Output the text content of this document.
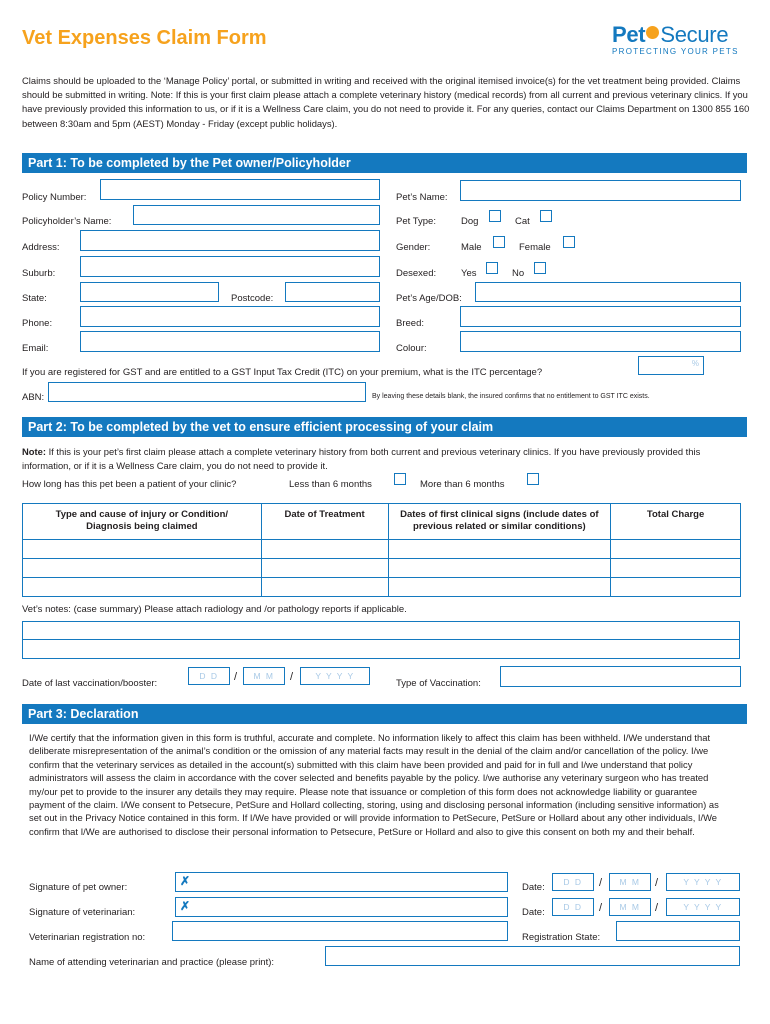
Vet Expenses Claim Form	Pet Secure
PROTECTING YOUR PETS
Claims should be uploaded to the ‘Manage Policy’ portal, or submitted in writing and received with the original itemised invoice(s) for the vet treatment being provided. Claims should be submitted in writing. Note: If this is your first claim please attach a complete veterinary history (medical records) from all current and previous veterinary clinics. If you have previously provided this information to us, or if it is a Wellness Care claim, you do not need to provide it. For any queries, contact our Claims Department on 1300 855 160 between 8:30am and 5pm (AEST) Monday - Friday (except public holidays).
Part 1: To be completed by the Pet owner/Policyholder
Policy Number:
Policyholder’s Name:
Address:
Suburb:
State:	Postcode:
Phone:
Email:
Pet’s Name:
Pet Type:	Dog	Cat
Gender:	Male	Female
Desexed:	Yes	No
Pet’s Age/DOB:
Breed:
Colour:
If you are registered for GST and are entitled to a GST Input Tax Credit (ITC) on your premium, what is the ITC percentage?
%
ABN:	By leaving these details blank, the insured confirms that no entitlement to GST ITC exists.
Part 2: To be completed by the vet to ensure efficient processing of your claim
Note: If this is your pet’s first claim please attach a complete veterinary history from both current and previous veterinary clinics. If you have previously provided this information, or if it is a Wellness Care claim, you do not need to provide it.
How long has this pet been a patient of your clinic?	Less than 6 months	More than 6 months
Type and cause of injury or Condition/ Diagnosis being claimed	Date of Treatment	Dates of first clinical signs (include dates of previous related or similar conditions)	Total Charge

Vet’s notes: (case summary) Please attach radiology and /or pathology reports if applicable.
Date of last vaccination/booster:
D D	/	M M	/	Y Y Y Y
Type of Vaccination:
Part 3: Declaration
I/We certify that the information given in this form is truthful, accurate and complete. No information likely to affect this claim has been withheld. I/We understand that deliberate misrepresentation of the animal’s condition or the omission of any material facts may result in the denial of the claim and/or cancellation of the policy. I/we confirm that the veterinary services as detailed in the account(s) submitted with this claim have been provided and paid for in full and I/we understand that policy administrators will assess the claim in accordance with the cover selected and benefits payable by the policy. I/we authorise any veterinary surgeon who has treated my/our pet to provide to the insurer any details they may require. Please note that issuance or completion of this form does not acknowledge liability or guarantee payment of the claim. I/We consent to Petsecure, PetSure and Hollard collecting, storing, using and disclosing personal information (including sensitive information) as set out in the Privacy Notice contained in this form. If I/We have provided or will provide information to PetSecure, PetSure or Hollard about any other individuals, I/We confirm that I/We are authorised to disclose their personal information to Petsecure, PetSure or Hollard and also to give this consent on both my and their behalf.
Signature of pet owner:	✗	Date:	D D	/	M M	/	Y Y Y Y
Signature of veterinarian:	✗	Date:	D D	/	M M	/	Y Y Y Y
Veterinarian registration no:	Registration State:
Name of attending veterinarian and practice (please print):
